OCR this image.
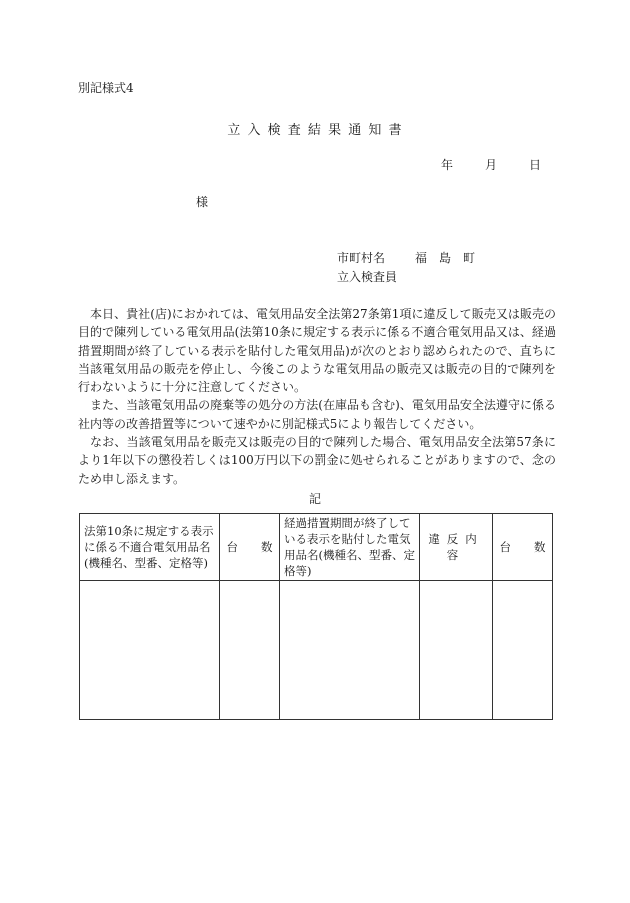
別記様式4
立入検査結果通知書
年	月	日
様
市町村名	福　島　町
立入検査員

本日、貴社(店)におかれては、電気用品安全法第27条第1項に違反して販売又は販売の目的で陳列している電気用品(法第10条に規定する表示に係る不適合電気用品又は、経過措置期間が終了している表示を貼付した電気用品)が次のとおり認められたので、直ちに当該電気用品の販売を停止し、今後このような電気用品の販売又は販売の目的で陳列を行わないように十分に注意してください。

また、当該電気用品の廃棄等の処分の方法(在庫品も含む)、電気用品安全法遵守に係る社内等の改善措置等について速やかに別記様式5により報告してください。

なお、当該電気用品を販売又は販売の目的で陳列した場合、電気用品安全法第57条により1年以下の懲役若しくは100万円以下の罰金に処せられることがありますので、念のため申し添えます。

記
法第10条に規定する表示に係る不適合電気用品名(機種名、型番、定格等)	台　　数	経過措置期間が終了している表示を貼付した電気用品名(機種名、型番、定格等)	違反内容	台　　数
